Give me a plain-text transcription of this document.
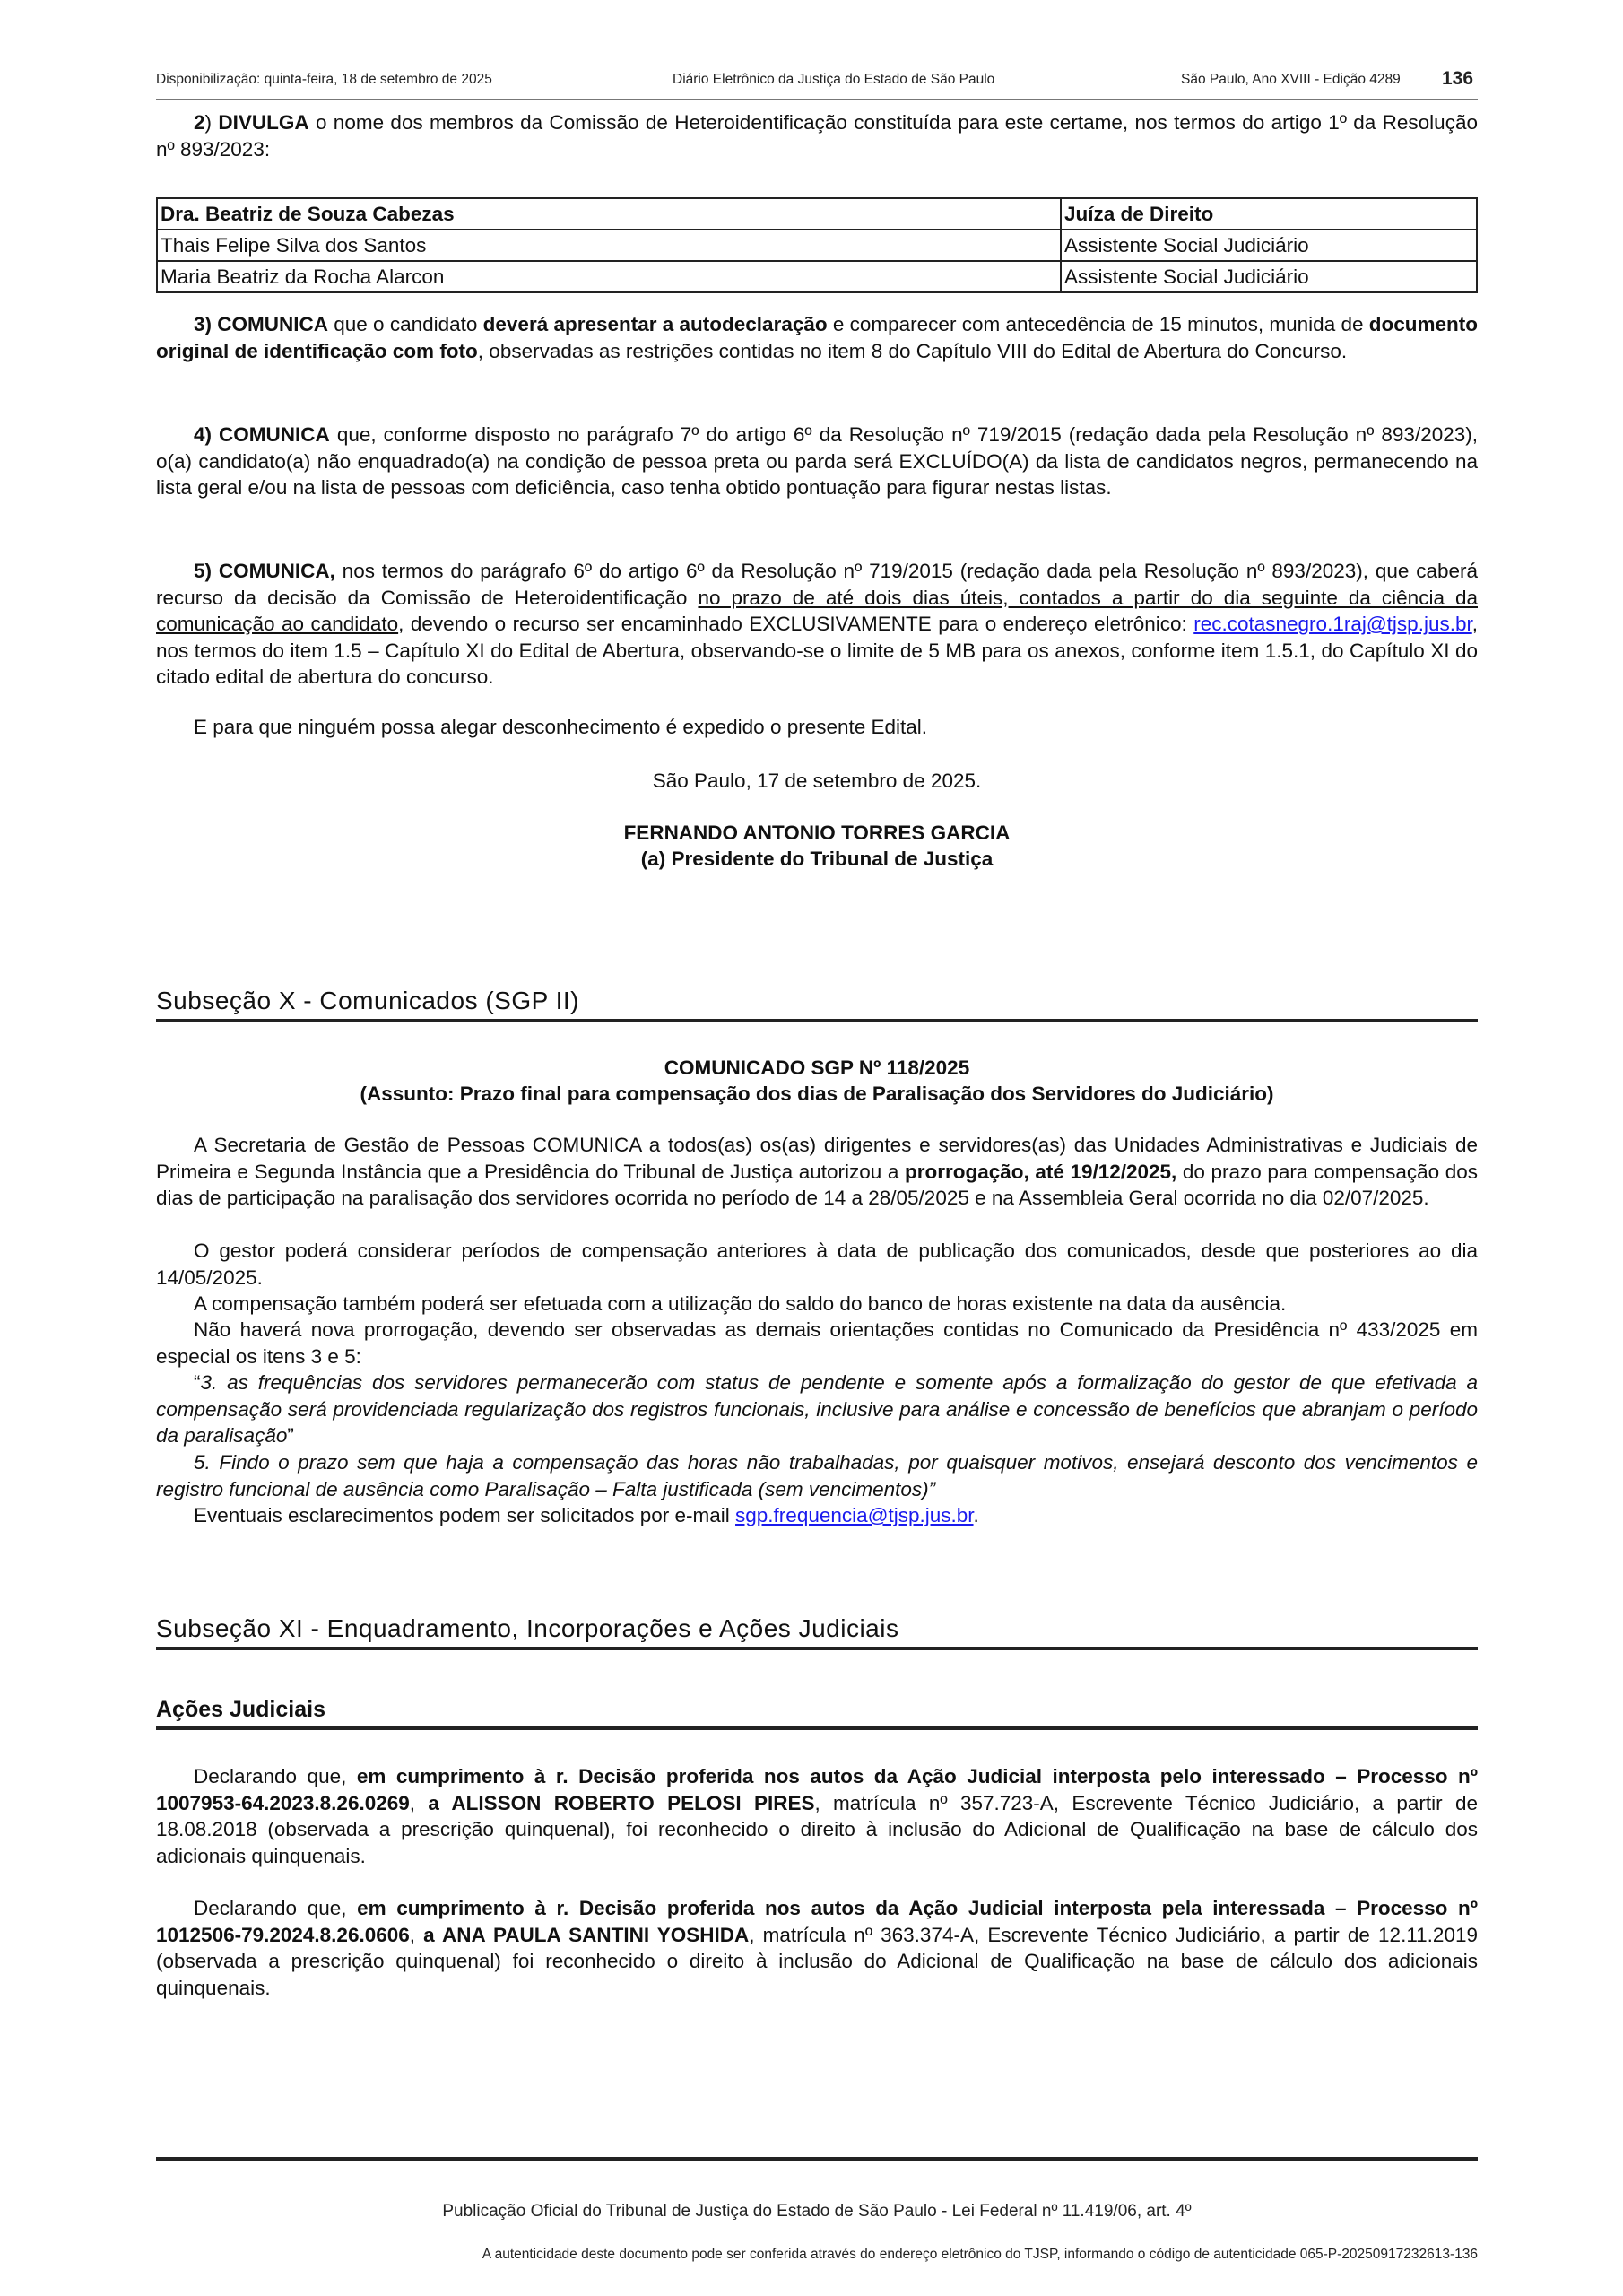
Disponibilização: quinta-feira, 18 de setembro de 2025	Diário Eletrônico da Justiça do Estado de São Paulo	São Paulo, Ano XVIII - Edição 4289 136
2) DIVULGA o nome dos membros da Comissão de Heteroidentificação constituída para este certame, nos termos do artigo 1º da Resolução nº 893/2023:
Dra. Beatriz de Souza Cabezas	Juíza de Direito
Thais Felipe Silva dos Santos	Assistente Social Judiciário
Maria Beatriz da Rocha Alarcon	Assistente Social Judiciário
3) COMUNICA que o candidato deverá apresentar a autodeclaração e comparecer com antecedência de 15 minutos, munida de documento original de identificação com foto, observadas as restrições contidas no item 8 do Capítulo VIII do Edital de Abertura do Concurso.
4) COMUNICA que, conforme disposto no parágrafo 7º do artigo 6º da Resolução nº 719/2015 (redação dada pela Resolução nº 893/2023), o(a) candidato(a) não enquadrado(a) na condição de pessoa preta ou parda será EXCLUÍDO(A) da lista de candidatos negros, permanecendo na lista geral e/ou na lista de pessoas com deficiência, caso tenha obtido pontuação para figurar nestas listas.
5) COMUNICA, nos termos do parágrafo 6º do artigo 6º da Resolução nº 719/2015 (redação dada pela Resolução nº 893/2023), que caberá recurso da decisão da Comissão de Heteroidentificação no prazo de até dois dias úteis, contados a partir do dia seguinte da ciência da comunicação ao candidato, devendo o recurso ser encaminhado EXCLUSIVAMENTE para o endereço eletrônico: rec.cotasnegro.1raj@tjsp.jus.br, nos termos do item 1.5 – Capítulo XI do Edital de Abertura, observando-se o limite de 5 MB para os anexos, conforme item 1.5.1, do Capítulo XI do citado edital de abertura do concurso.
E para que ninguém possa alegar desconhecimento é expedido o presente Edital.
São Paulo, 17 de setembro de 2025.
FERNANDO ANTONIO TORRES GARCIA
(a) Presidente do Tribunal de Justiça
Subseção X - Comunicados (SGP II)
COMUNICADO SGP Nº 118/2025
(Assunto: Prazo final para compensação dos dias de Paralisação dos Servidores do Judiciário)
A Secretaria de Gestão de Pessoas COMUNICA a todos(as) os(as) dirigentes e servidores(as) das Unidades Administrativas e Judiciais de Primeira e Segunda Instância que a Presidência do Tribunal de Justiça autorizou a prorrogação, até 19/12/2025, do prazo para compensação dos dias de participação na paralisação dos servidores ocorrida no período de 14 a 28/05/2025 e na Assembleia Geral ocorrida no dia 02/07/2025.
O gestor poderá considerar períodos de compensação anteriores à data de publicação dos comunicados, desde que posteriores ao dia 14/05/2025.
A compensação também poderá ser efetuada com a utilização do saldo do banco de horas existente na data da ausência.
Não haverá nova prorrogação, devendo ser observadas as demais orientações contidas no Comunicado da Presidência nº 433/2025 em especial os itens 3 e 5:
“3. as frequências dos servidores permanecerão com status de pendente e somente após a formalização do gestor de que efetivada a compensação será providenciada regularização dos registros funcionais, inclusive para análise e concessão de benefícios que abranjam o período da paralisação”
5. Findo o prazo sem que haja a compensação das horas não trabalhadas, por quaisquer motivos, ensejará desconto dos vencimentos e registro funcional de ausência como Paralisação – Falta justificada (sem vencimentos)”
Eventuais esclarecimentos podem ser solicitados por e-mail sgp.frequencia@tjsp.jus.br.
Subseção XI - Enquadramento, Incorporações e Ações Judiciais
Ações Judiciais
Declarando que, em cumprimento à r. Decisão proferida nos autos da Ação Judicial interposta pelo interessado – Processo nº 1007953-64.2023.8.26.0269, a ALISSON ROBERTO PELOSI PIRES, matrícula nº 357.723-A, Escrevente Técnico Judiciário, a partir de 18.08.2018 (observada a prescrição quinquenal), foi reconhecido o direito à inclusão do Adicional de Qualificação na base de cálculo dos adicionais quinquenais.
Declarando que, em cumprimento à r. Decisão proferida nos autos da Ação Judicial interposta pela interessada – Processo nº 1012506-79.2024.8.26.0606, a ANA PAULA SANTINI YOSHIDA, matrícula nº 363.374-A, Escrevente Técnico Judiciário, a partir de 12.11.2019 (observada a prescrição quinquenal) foi reconhecido o direito à inclusão do Adicional de Qualificação na base de cálculo dos adicionais quinquenais.
Publicação Oficial do Tribunal de Justiça do Estado de São Paulo - Lei Federal nº 11.419/06, art. 4º
A autenticidade deste documento pode ser conferida através do endereço eletrônico do TJSP, informando o código de autenticidade 065-P-20250917232613-136
